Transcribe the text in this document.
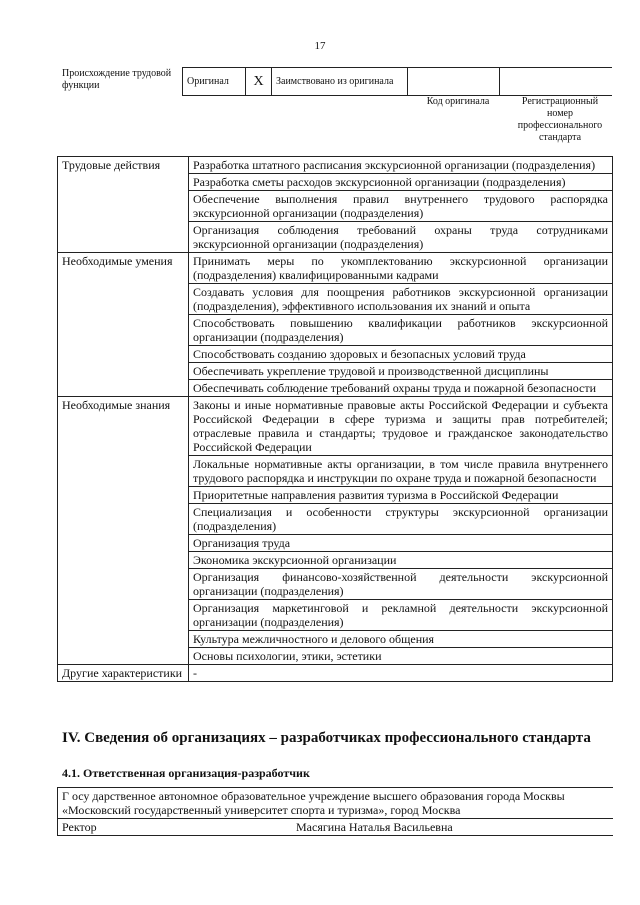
17
Происхождение трудовой функции	Оригинал	X	Заимствовано из оригинала
Код оригинала	Регистрационный номер профессионального стандарта
Трудовые действия	Разработка штатного расписания экскурсионной организации (подразделения)
	Разработка сметы расходов экскурсионной организации (подразделения)
	Обеспечение выполнения правил внутреннего трудового распорядка экскурсионной организации (подразделения)
	Организация соблюдения требований охраны труда сотрудниками экскурсионной организации (подразделения)
Необходимые умения	Принимать меры по укомплектованию экскурсионной организации (подразделения) квалифицированными кадрами
	Создавать условия для поощрения работников экскурсионной организации (подразделения), эффективного использования их знаний и опыта
	Способствовать повышению квалификации работников экскурсионной организации (подразделения)
	Способствовать созданию здоровых и безопасных условий труда
	Обеспечивать укрепление трудовой и производственной дисциплины
	Обеспечивать соблюдение требований охраны труда и пожарной безопасности
Необходимые знания	Законы и иные нормативные правовые акты Российской Федерации и субъекта Российской Федерации в сфере туризма и защиты прав потребителей; отраслевые правила и стандарты; трудовое и гражданское законодательство Российской Федерации
	Локальные нормативные акты организации, в том числе правила внутреннего трудового распорядка и инструкции по охране труда и пожарной безопасности
	Приоритетные направления развития туризма в Российской Федерации
	Специализация и особенности структуры экскурсионной организации (подразделения)
	Организация труда
	Экономика экскурсионной организации
	Организация финансово-хозяйственной деятельности экскурсионной организации (подразделения)
	Организация маркетинговой и рекламной деятельности экскурсионной организации (подразделения)
	Культура межличностного и делового общения
	Основы психологии, этики, эстетики
Другие характеристики	-
IV. Сведения об организациях – разработчиках профессионального стандарта
4.1. Ответственная организация-разработчик
Г осу дарственное автономное образовательное учреждение высшего образования города Москвы «Московский государственный университет спорта и туризма», город Москва
Ректор	Масягина Наталья Васильевна
